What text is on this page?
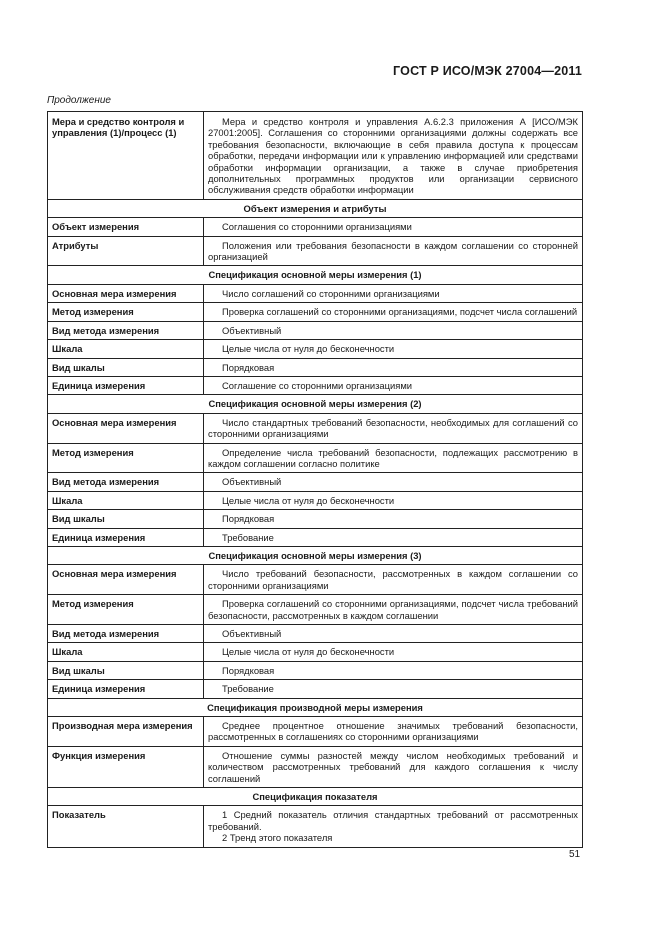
ГОСТ Р ИСО/МЭК 27004—2011
Продолжение
Мера и средство контроля и управления (1)/процесс (1)	Мера и средство контроля и управления А.6.2.3 приложения А [ИСО/МЭК 27001:2005]. Соглашения со сторонними организациями должны содержать все требования безопасности, включающие в себя правила доступа к процессам обработки, передачи информации или к управлению информацией или средствами обработки информации организации, а также в случае приобретения дополнительных программных продуктов или организации сервисного обслуживания средств обработки информации

Объект измерения и атрибуты	
Объект измерения	Соглашения со сторонними организациями

Атрибуты	Положения или требования безопасности в каждом соглашении со сторонней организацией

Спецификация основной меры измерения (1)	
Основная мера измерения	Число соглашений со сторонними организациями

Метод измерения	Проверка соглашений со сторонними организациями, подсчет числа соглашений

Вид метода измерения	Объективный

Шкала	Целые числа от нуля до бесконечности

Вид шкалы	Порядковая

Единица измерения	Соглашение со сторонними организациями

Спецификация основной меры измерения (2)	
Основная мера измерения	Число стандартных требований безопасности, необходимых для соглашений со сторонними организациями

Метод измерения	Определение числа требований безопасности, подлежащих рассмотрению в каждом соглашении согласно политике

Вид метода измерения	Объективный

Шкала	Целые числа от нуля до бесконечности

Вид шкалы	Порядковая

Единица измерения	Требование

Спецификация основной меры измерения (3)	
Основная мера измерения	Число требований безопасности, рассмотренных в каждом соглашении со сторонними организациями

Метод измерения	Проверка соглашений со сторонними организациями, подсчет числа требований безопасности, рассмотренных в каждом соглашении

Вид метода измерения	Объективный

Шкала	Целые числа от нуля до бесконечности

Вид шкалы	Порядковая

Единица измерения	Требование

Спецификация производной меры измерения	
Производная мера измерения	Среднее процентное отношение значимых требований безопасности, рассмотренных в соглашениях со сторонними организациями

Функция измерения	Отношение суммы разностей между числом необходимых требований и количеством рассмотренных требований для каждого соглашения к числу соглашений

Спецификация показателя	
Показатель	1 Средний показатель отличия стандартных требований от рассмотренных требований.
2 Тренд этого показателя
51
